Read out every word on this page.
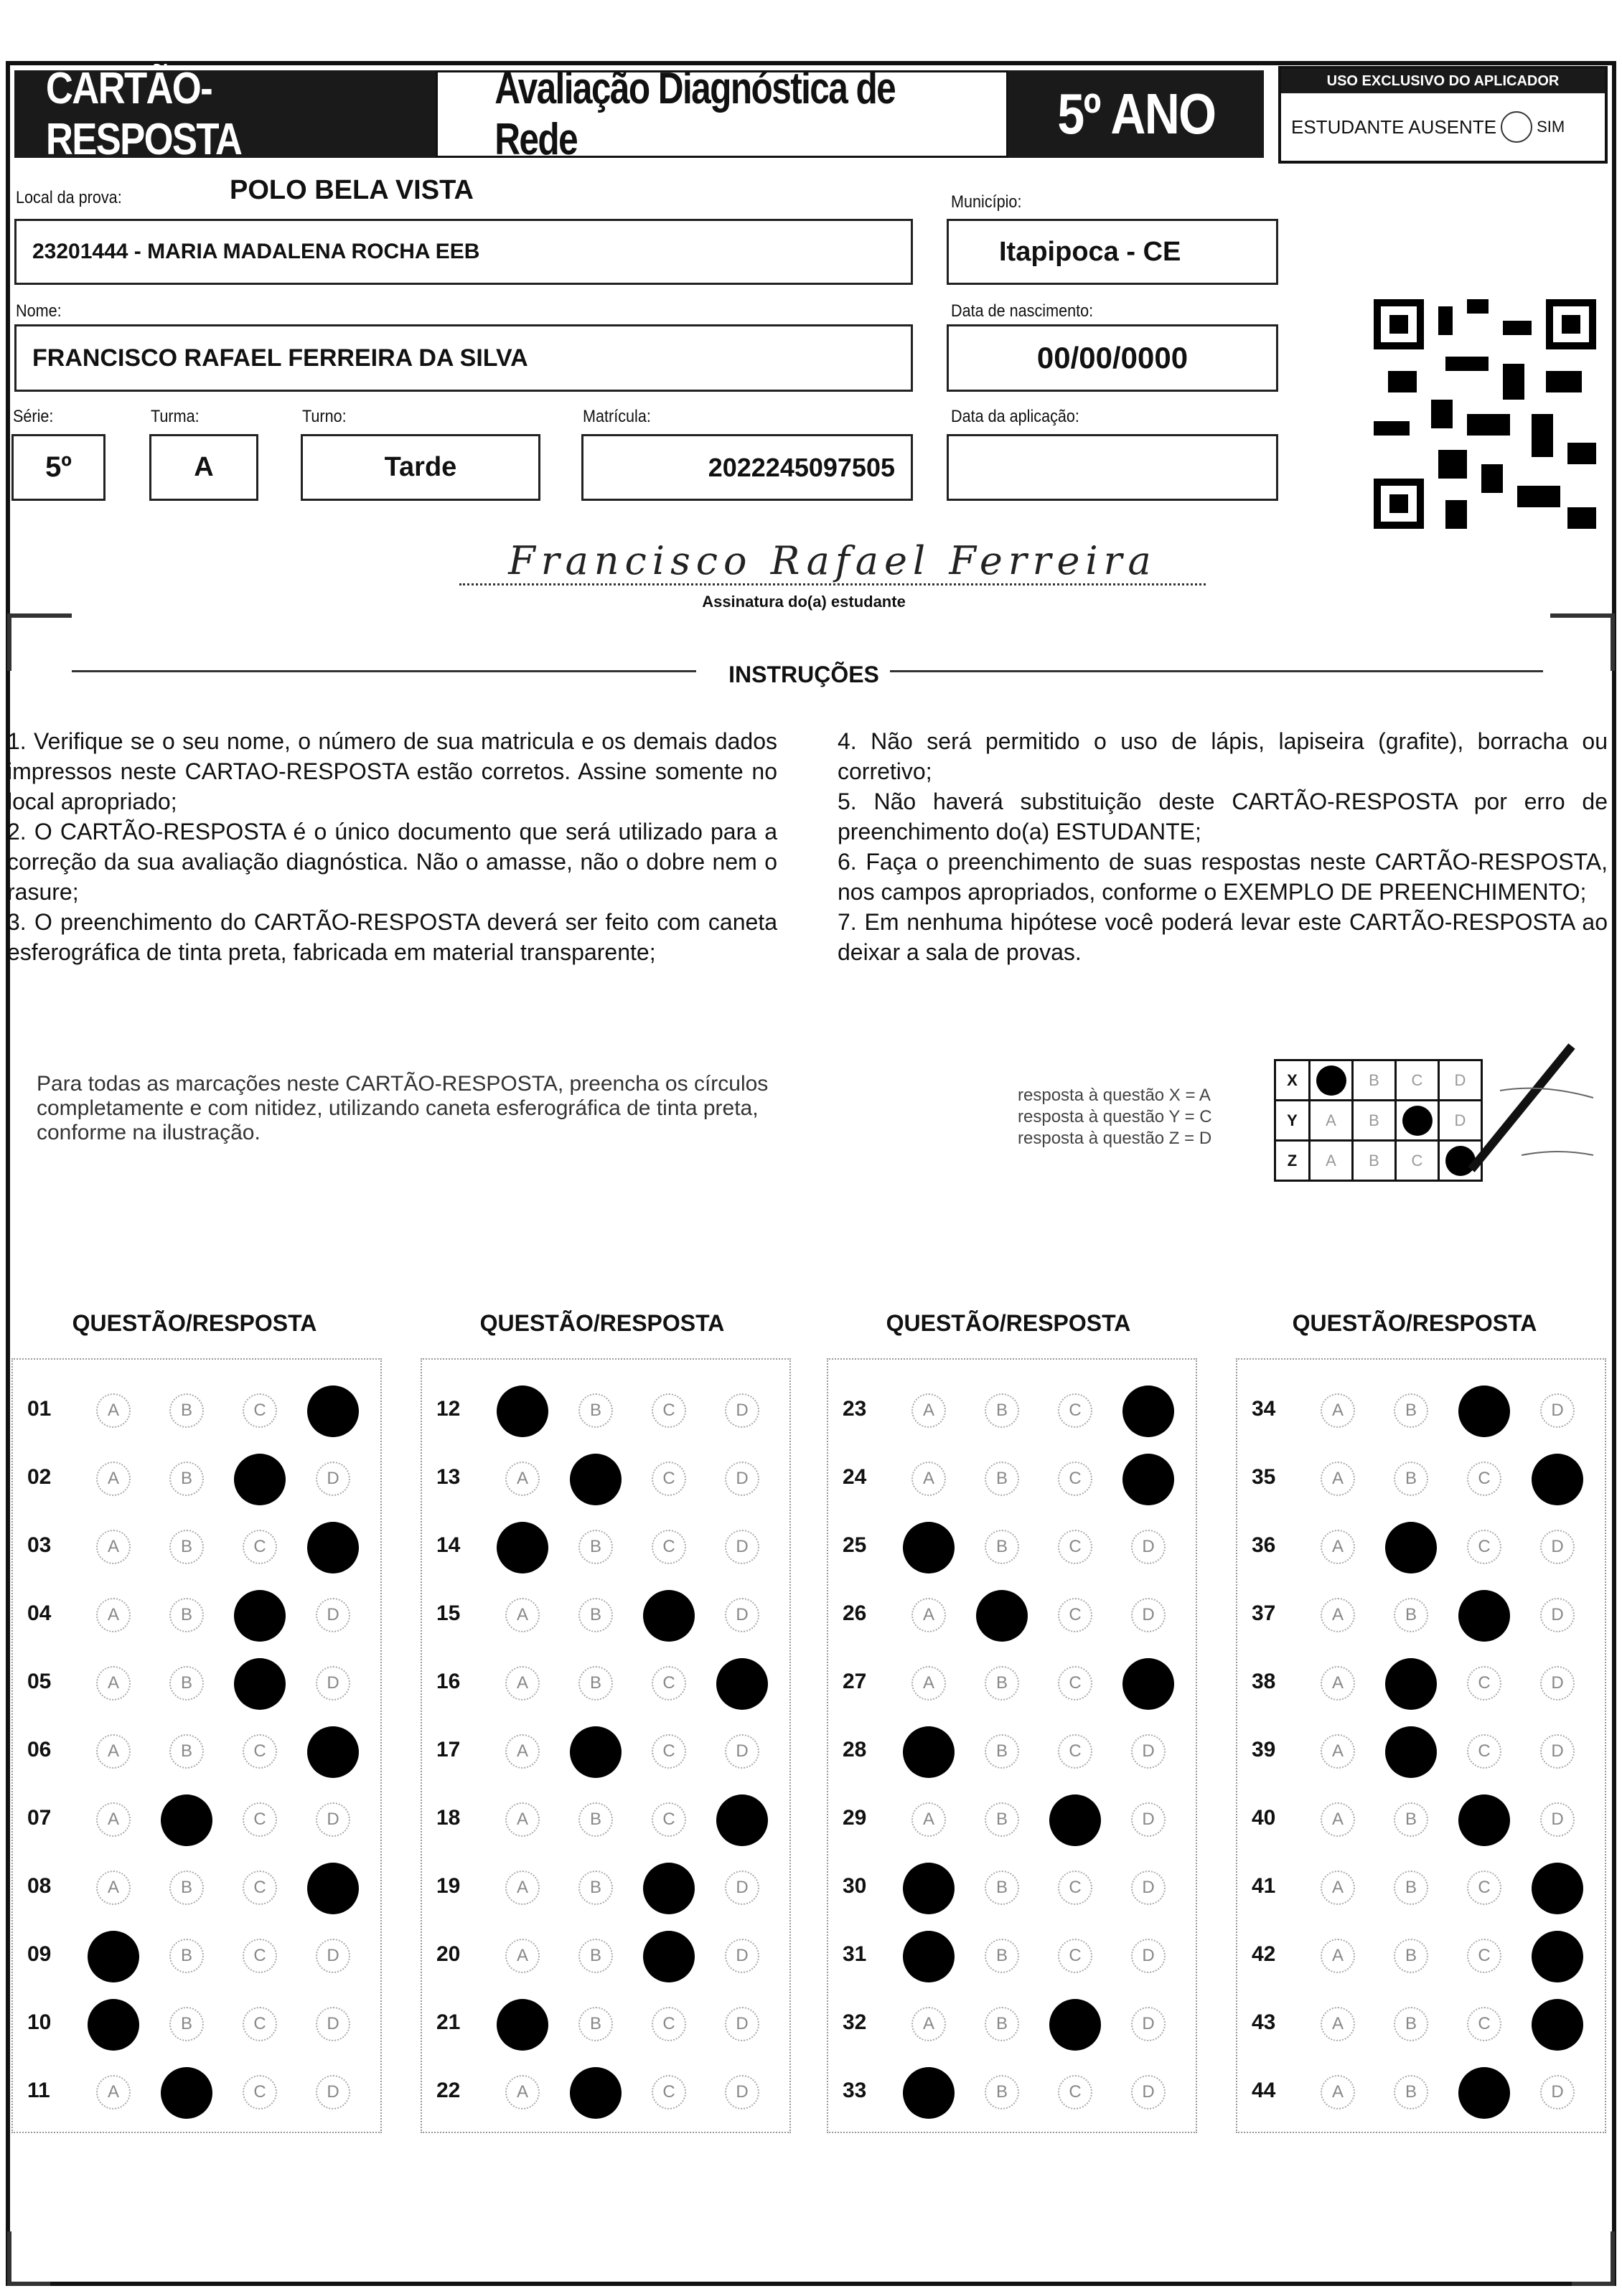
CARTÃO-RESPOSTA
Avaliação Diagnóstica de Rede	5º ANO
USO EXCLUSIVO DO APLICADOR
ESTUDANTE AUSENTE	SIM
Local da prova:	POLO BELA VISTA
23201444 - MARIA MADALENA ROCHA EEB
Município:
Itapipoca - CE
Nome:
FRANCISCO RAFAEL FERREIRA DA SILVA
Data de nascimento:
00/00/0000
Série:
5º
Turma:
A
Turno:
Tarde
Matrícula:
2022245097505
Data da aplicação:
Francisco Rafael Ferreira
Assinatura do(a) estudante
INSTRUÇÕES
1. Verifique se o seu nome, o número de sua matricula e os demais dados impressos neste CARTAO-RESPOSTA estão corretos. Assine somente no local apropriado;
2. O CARTÃO-RESPOSTA é o único documento que será utilizado para a correção da sua avaliação diagnóstica. Não o amasse, não o dobre nem o rasure;
3. O preenchimento do CARTÃO-RESPOSTA deverá ser feito com caneta esferográfica de tinta preta, fabricada em material transparente;
4. Não será permitido o uso de lápis, lapiseira (grafite), borracha ou corretivo;
5. Não haverá substituição deste CARTÃO-RESPOSTA por erro de preenchimento do(a) ESTUDANTE;
6. Faça o preenchimento de suas respostas neste CARTÃO-RESPOSTA, nos campos apropriados, conforme o EXEMPLO DE PREENCHIMENTO;
7. Em nenhuma hipótese você poderá levar este CARTÃO-RESPOSTA ao deixar a sala de provas.
Para todas as marcações neste CARTÃO-RESPOSTA, preencha os círculos completamente e com nitidez, utilizando caneta esferográfica de tinta preta, conforme na ilustração.
resposta à questão X = A
resposta à questão Y = C
resposta à questão Z = D
X		B	C	D
Y	A	B		D
Z	A	B	C	
QUESTÃO/RESPOSTA
01	A	B	C
02	A	B	D
03	A	B	C
04	A	B	D
05	A	B	D
06	A	B	C
07	A	C	D
08	A	B	C
09	B	C	D
10	B	C	D
11	A	C	D
QUESTÃO/RESPOSTA
12	B	C	D
13	A	C	D
14	B	C	D
15	A	B	D
16	A	B	C
17	A	C	D
18	A	B	C
19	A	B	D
20	A	B	D
21	B	C	D
22	A	C	D
QUESTÃO/RESPOSTA
23	A	B	C
24	A	B	C
25	B	C	D
26	A	C	D
27	A	B	C
28	B	C	D
29	A	B	D
30	B	C	D
31	B	C	D
32	A	B	D
33	B	C	D
QUESTÃO/RESPOSTA
34	A	B	D
35	A	B	C
36	A	C	D
37	A	B	D
38	A	C	D
39	A	C	D
40	A	B	D
41	A	B	C
42	A	B	C
43	A	B	C
44	A	B	D
